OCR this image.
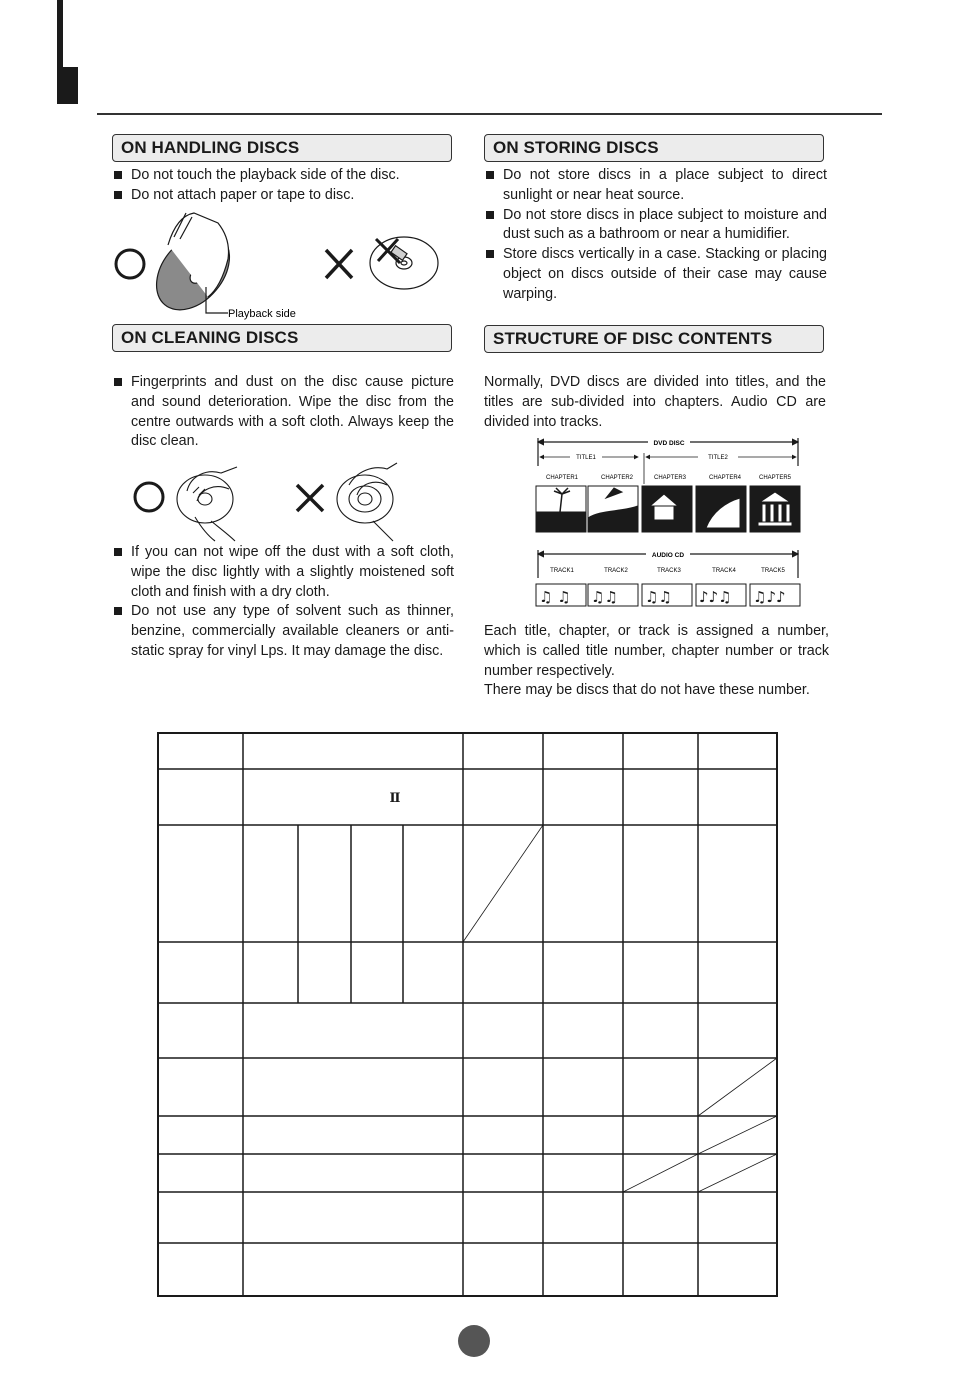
ON HANDLING DISCS
Do not touch the playback side of the disc.
Do not attach paper or tape to disc.
Playback side
ON STORING DISCS
Do not store discs in a place subject to direct sunlight or near heat source.
Do not store discs in place subject to moisture and dust such as a bathroom or near a humidifier.
Store discs vertically in a case. Stacking or placing object on discs outside of their case may cause warping.
ON CLEANING DISCS
Fingerprints and dust on the disc cause picture and sound deterioration. Wipe the disc from the centre outwards with a soft cloth. Always keep the disc clean.
If you can not wipe off the dust with a soft cloth, wipe the disc lightly with a slightly moistened soft cloth and finish with a dry cloth.
Do not use any type of solvent such as thinner, benzine, commercially available cleaners or anti-static spray for vinyl Lps. It may damage the disc.
STRUCTURE OF DISC CONTENTS
Normally, DVD discs are divided into titles, and the titles are sub-divided into chapters. Audio CD are divided into tracks.
DVD DISC
TITLE1	TITLE2
CHAPTER1	CHAPTER2	CHAPTER3	CHAPTER4	CHAPTER5
AUDIO CD
TRACK1	TRACK2	TRACK3	TRACK4	TRACK5
♫ ♫ ♫♫ ♫♫ ♪♪♫ ♫♪♪
Each title, chapter, or track is assigned a number, which is called title number, chapter number or track number respectively.
There may be discs that do not have these number.
Ⅱ
